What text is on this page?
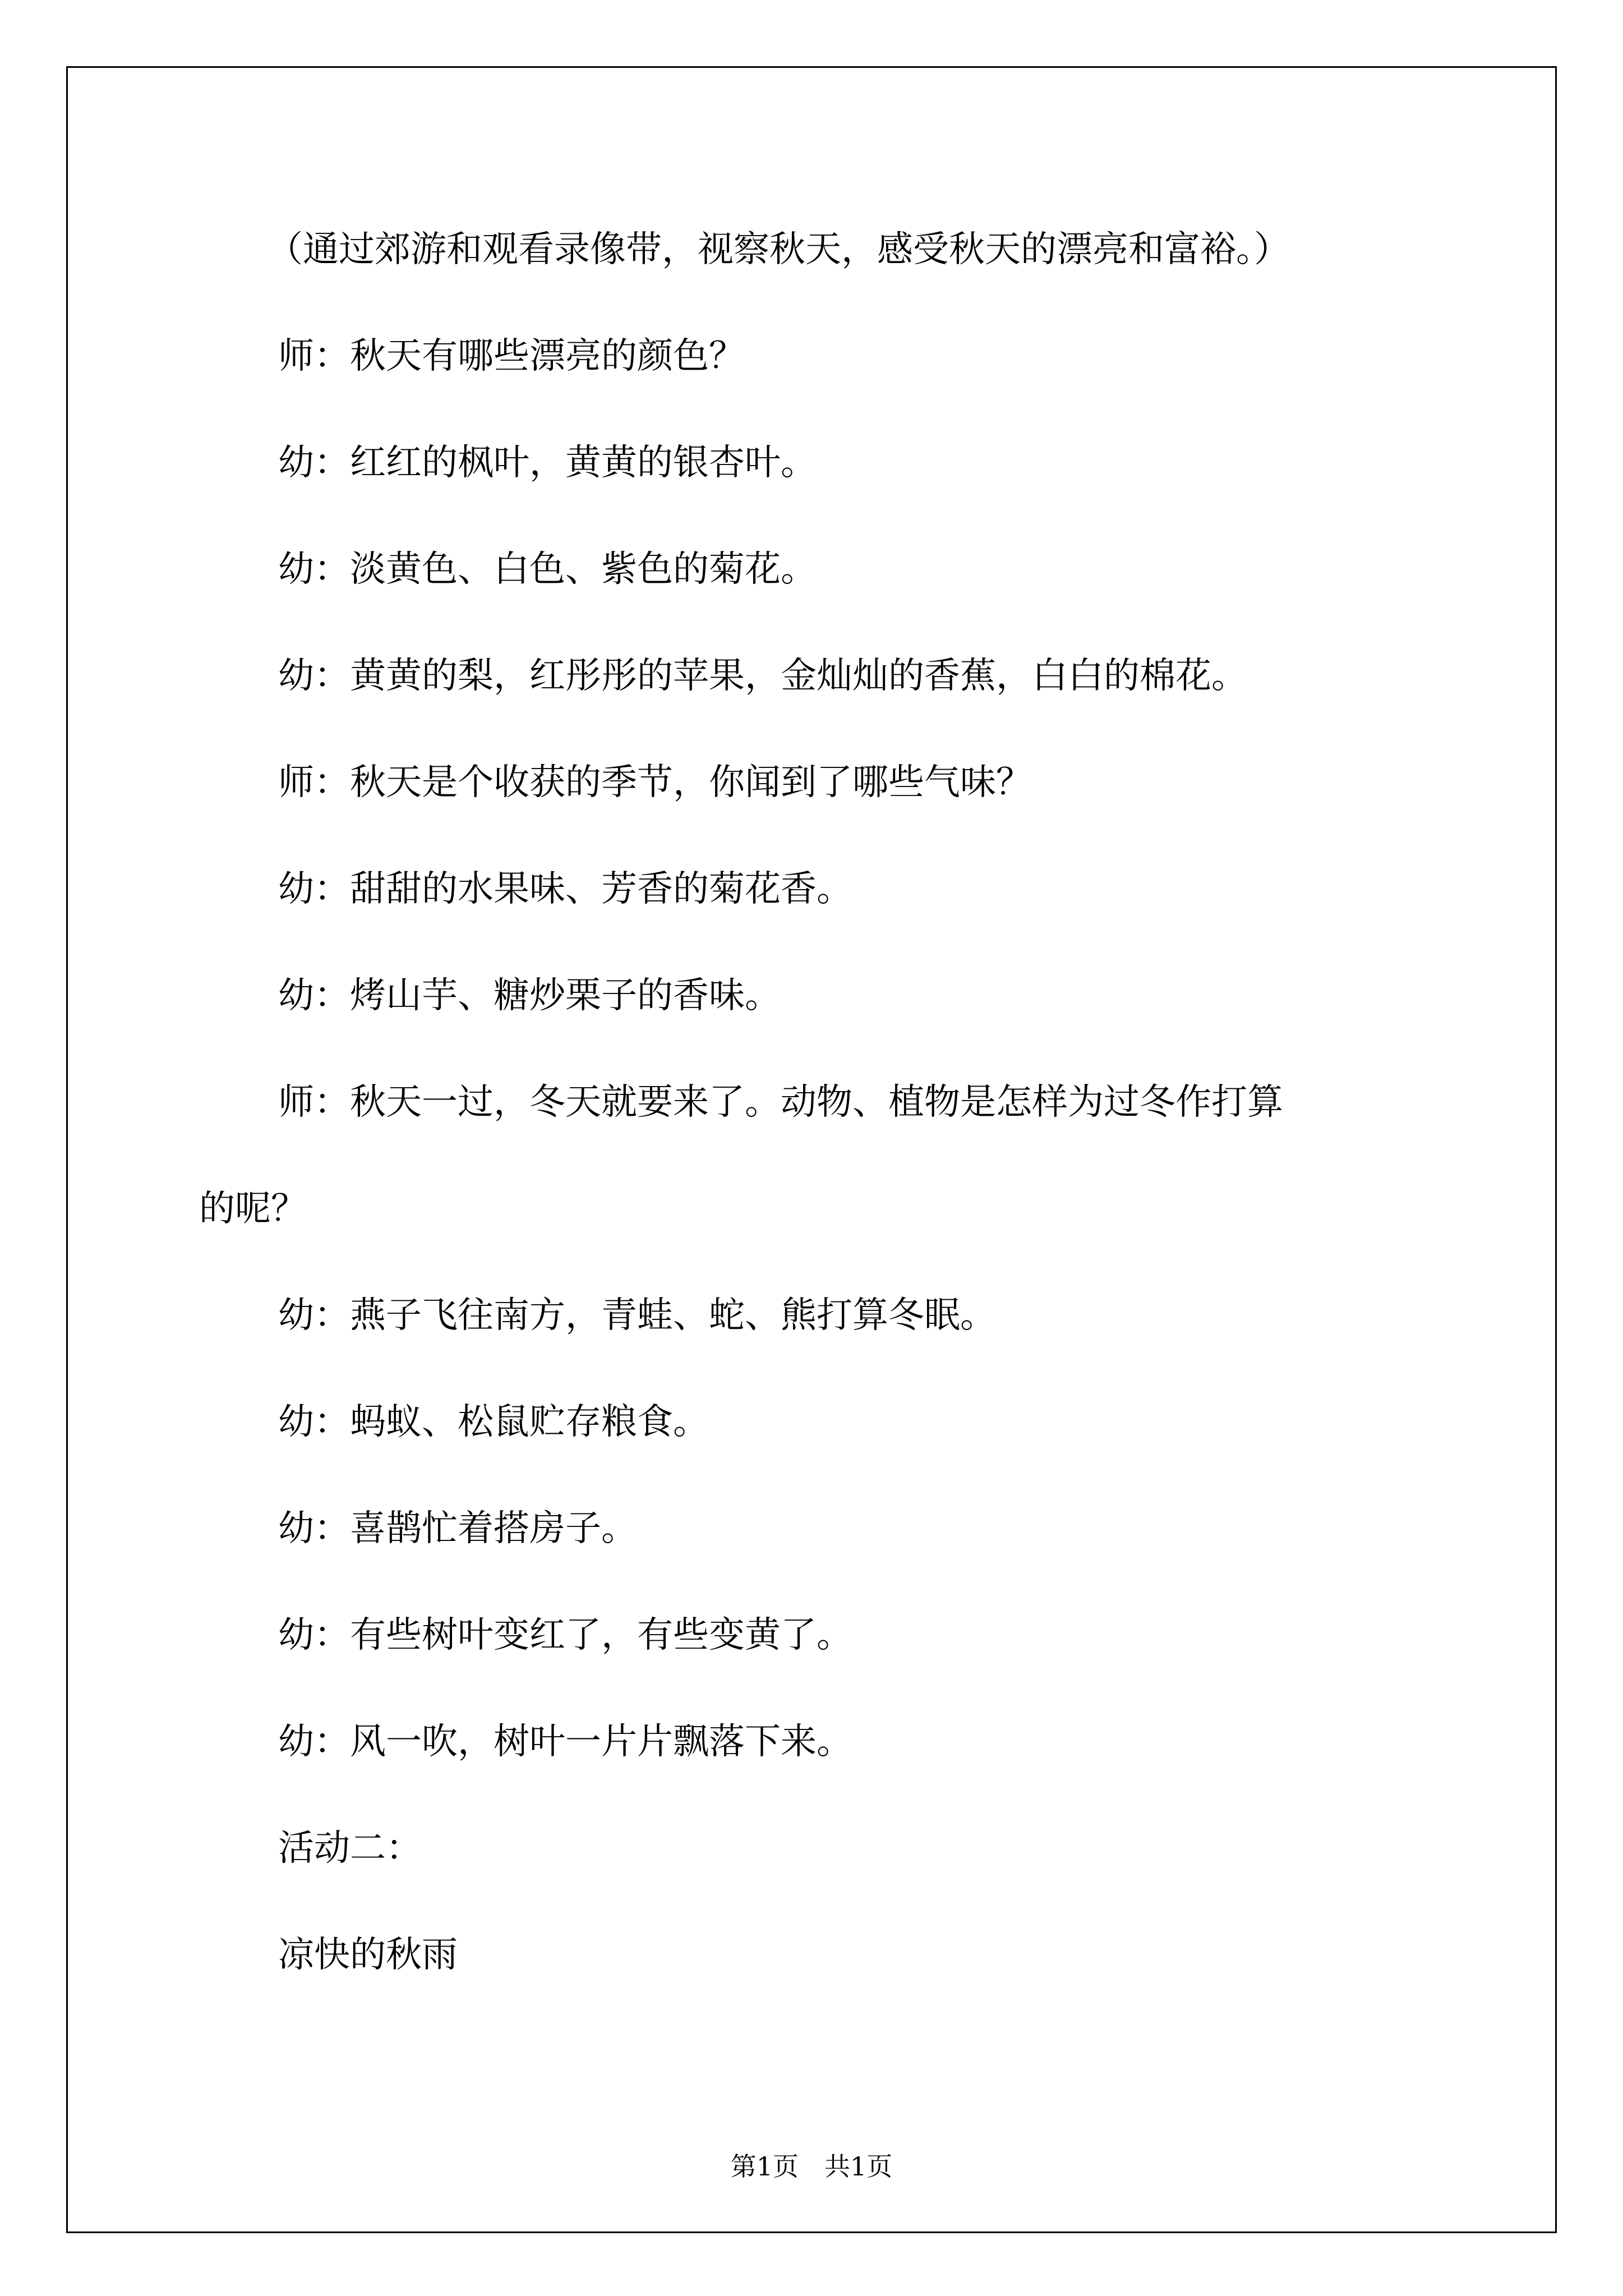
（通过郊游和观看录像带，视察秋天，感受秋天的漂亮和富裕。）

师：秋天有哪些漂亮的颜色？

幼：红红的枫叶，黄黄的银杏叶。

幼：淡黄色、白色、紫色的菊花。

幼：黄黄的梨，红彤彤的苹果，金灿灿的香蕉，白白的棉花。

师：秋天是个收获的季节，你闻到了哪些气味？

幼：甜甜的水果味、芳香的菊花香。

幼：烤山芋、糖炒栗子的香味。

师：秋天一过，冬天就要来了。动物、植物是怎样为过冬作打算

的呢？

幼：燕子飞往南方，青蛙、蛇、熊打算冬眠。

幼：蚂蚁、松鼠贮存粮食。

幼：喜鹊忙着搭房子。

幼：有些树叶变红了，有些变黄了。

幼：风一吹，树叶一片片飘落下来。

活动二：

凉快的秋雨

第1页　共1页
